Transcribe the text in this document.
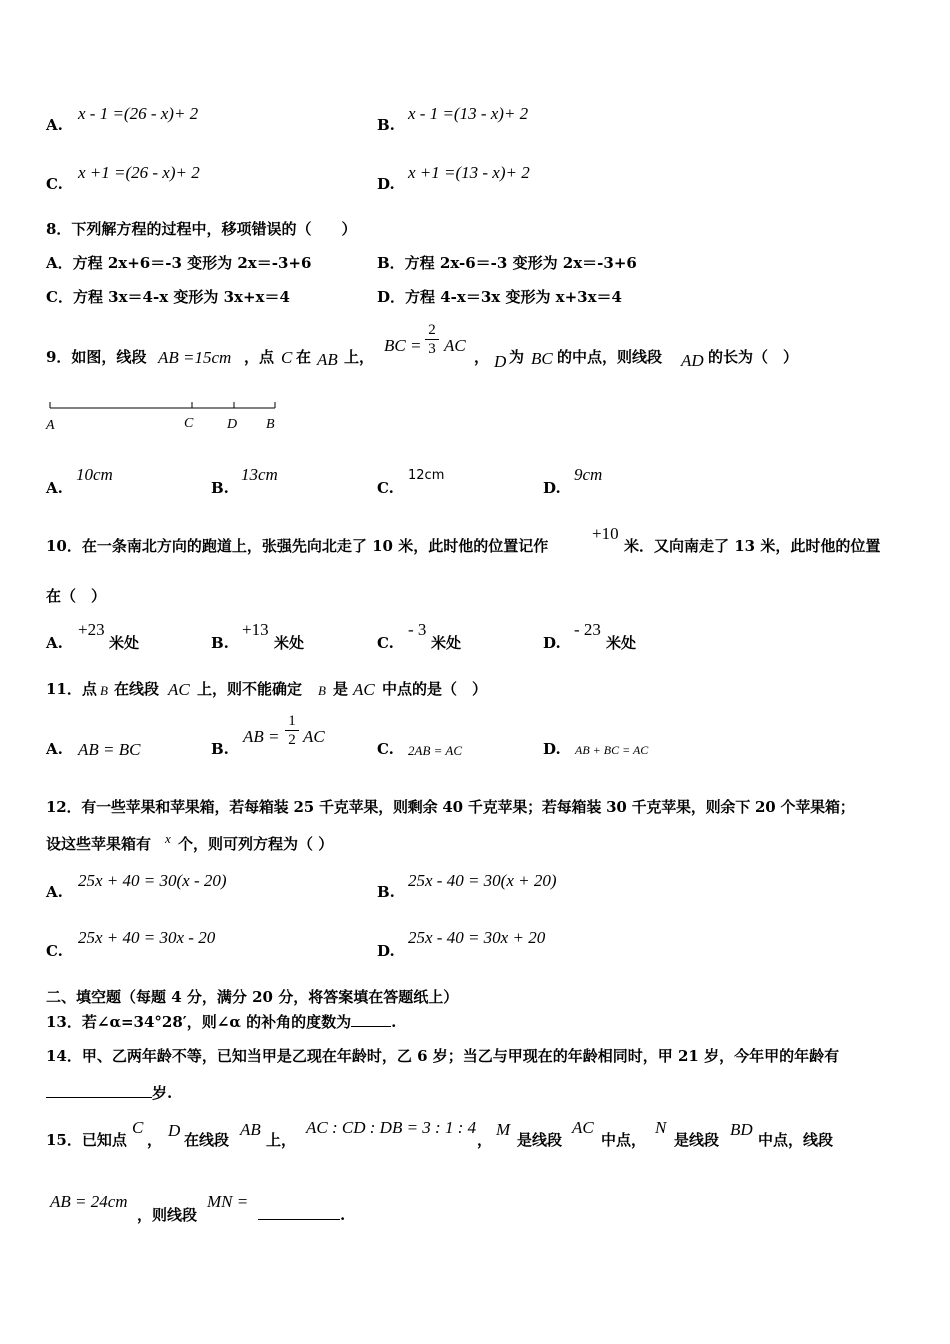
A.
x - 1 =(26 - x)+ 2
B.
x - 1 =(13 - x)+ 2
C.
x +1 =(26 - x)+ 2
D.
x +1 =(13 - x)+ 2
8．下列解方程的过程中，移项错误的（　　）
A．方程 2x+6＝-3 变形为 2x＝-3+6	B．方程 2x-6＝-3 变形为 2x＝-3+6
C．方程 3x＝4-x 变形为 3x+x＝4	D．方程 4-x＝3x 变形为 x+3x＝4
9．如图，线段 AB =15cm ，点 C 在 AB 上，
BC = $\frac{2}{3}$ AC
， D 为 BC 的中点，则线段 AD 的长为（　）
A	C D B
A.
10cm
B.
13cm
C.
12cm
D.
9cm
10．在一条南北方向的跑道上，张强先向北走了 10 米，此时他的位置记作
+10
米．又向南走了 13 米，此时他的位置
在（　）
A.
+23
米处	B.
+13
米处	C.
- 3
米处	D.
- 23
米处
11．点 B 在线段 AC 上，则不能确定 B 是 AC 中点的是（　）
A. AB = BC	B.
AB = $\frac{1}{2}$ AC
C. 2AB = AC	D. AB + BC = AC
12．有一些苹果和苹果箱，若每箱装 25 千克苹果，则剩余 40 千克苹果；若每箱装 30 千克苹果，则余下 20 个苹果箱；
设这些苹果箱有 x 个，则可列方程为（ ）
A.
25x + 40 = 30(x - 20)
B.
25x - 40 = 30(x + 20)
C.
25x + 40 = 30x - 20
D.
25x - 40 = 30x + 20
二、填空题（每题 4 分，满分 20 分，将答案填在答题纸上）
13．若∠α=34°28′，则∠α 的补角的度数为	.
14．甲、乙两年龄不等，已知当甲是乙现在年龄时，乙 6 岁；当乙与甲现在的年龄相同时，甲 21 岁，今年甲的年龄有
岁.
15．已知点
C
， D 在线段
AB
上，
AC : CD : DB = 3 : 1 : 4
，
M
是线段
AC
中点，
N
是线段
BD
中点，线段
AB = 24cm
，则线段
MN =
.
